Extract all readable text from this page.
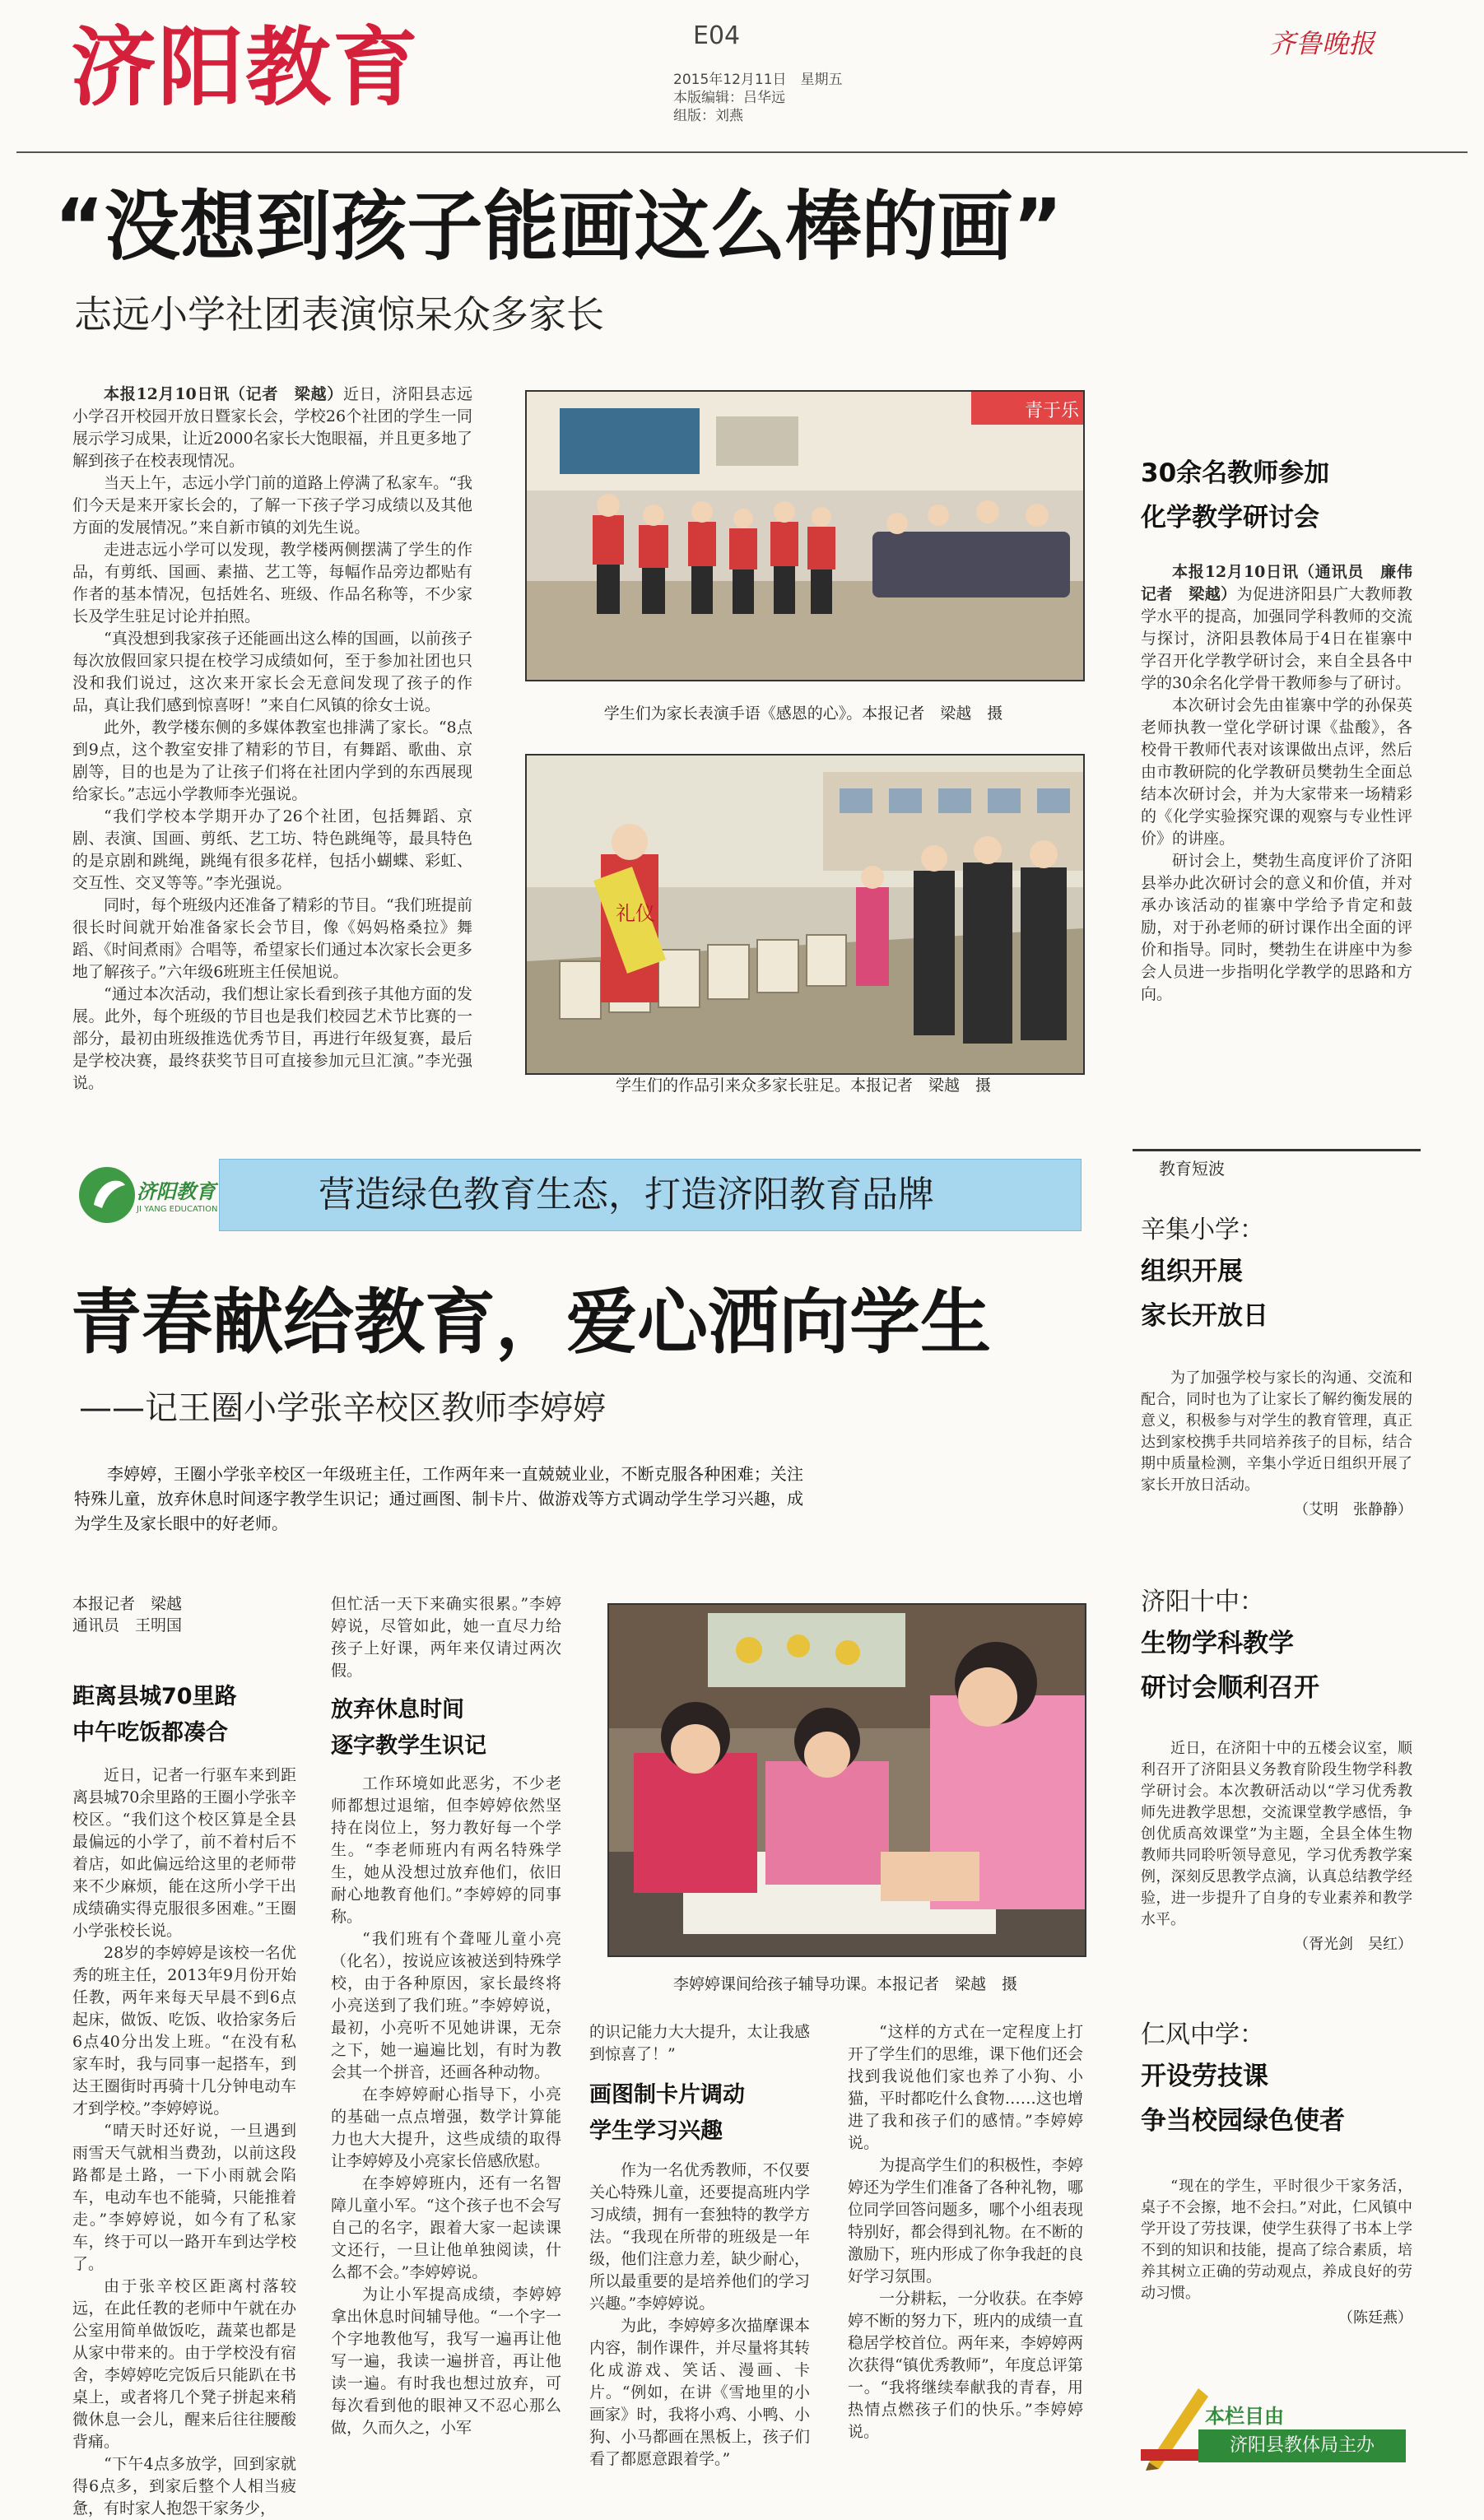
济阳教育	E04
2015年12月11日　星期五
本版编辑：吕华远
组版：刘燕
齐鲁晚报
“没想到孩子能画这么棒的画”
志远小学社团表演惊呆众多家长

本报12月10日讯（记者　梁越）近日，济阳县志远小学召开校园开放日暨家长会，学校26个社团的学生一同展示学习成果，让近2000名家长大饱眼福，并且更多地了解到孩子在校表现情况。

当天上午，志远小学门前的道路上停满了私家车。“我们今天是来开家长会的，了解一下孩子学习成绩以及其他方面的发展情况。”来自新市镇的刘先生说。

走进志远小学可以发现，教学楼两侧摆满了学生的作品，有剪纸、国画、素描、艺工等，每幅作品旁边都贴有作者的基本情况，包括姓名、班级、作品名称等，不少家长及学生驻足讨论并拍照。

“真没想到我家孩子还能画出这么棒的国画，以前孩子每次放假回家只提在校学习成绩如何，至于参加社团也只没和我们说过，这次来开家长会无意间发现了孩子的作品，真让我们感到惊喜呀！”来自仁风镇的徐女士说。

此外，教学楼东侧的多媒体教室也排满了家长。“8点到9点，这个教室安排了精彩的节目，有舞蹈、歌曲、京剧等，目的也是为了让孩子们将在社团内学到的东西展现给家长。”志远小学教师李光强说。

“我们学校本学期开办了26个社团，包括舞蹈、京剧、表演、国画、剪纸、艺工坊、特色跳绳等，最具特色的是京剧和跳绳，跳绳有很多花样，包括小蝴蝶、彩虹、交互性、交叉等等。”李光强说。

同时，每个班级内还准备了精彩的节目。“我们班提前很长时间就开始准备家长会节目，像《妈妈格桑拉》舞蹈、《时间煮雨》合唱等，希望家长们通过本次家长会更多地了解孩子。”六年级6班班主任侯旭说。

“通过本次活动，我们想让家长看到孩子其他方面的发展。此外，每个班级的节目也是我们校园艺术节比赛的一部分，最初由班级推选优秀节目，再进行年级复赛，最后是学校决赛，最终获奖节目可直接参加元旦汇演。”李光强说。

青于乐
学生们为家长表演手语《感恩的心》。本报记者　梁越　摄
礼仪
学生们的作品引来众多家长驻足。本报记者　梁越　摄
30余名教师参加
化学教学研讨会

本报12月10日讯（通讯员　廉伟　记者　梁越）为促进济阳县广大教师教学水平的提高，加强同学科教师的交流与探讨，济阳县教体局于4日在崔寨中学召开化学教学研讨会，来自全县各中学的30余名化学骨干教师参与了研讨。

本次研讨会先由崔寨中学的孙保英老师执教一堂化学研讨课《盐酸》，各校骨干教师代表对该课做出点评，然后由市教研院的化学教研员樊勃生全面总结本次研讨会，并为大家带来一场精彩的《化学实验探究课的观察与专业性评价》的讲座。

研讨会上，樊勃生高度评价了济阳县举办此次研讨会的意义和价值，并对承办该活动的崔寨中学给予肯定和鼓励，对于孙老师的研讨课作出全面的评价和指导。同时，樊勃生在讲座中为参会人员进一步指明化学教学的思路和方向。

教育短波
辛集小学：
组织开展
家长开放日

为了加强学校与家长的沟通、交流和配合，同时也为了让家长了解约衡发展的意义，积极参与对学生的教育管理，真正达到家校携手共同培养孩子的目标，结合期中质量检测，辛集小学近日组织开展了家长开放日活动。

（艾明　张静静）
济阳十中：
生物学科教学
研讨会顺利召开

近日，在济阳十中的五楼会议室，顺利召开了济阳县义务教育阶段生物学科教学研讨会。本次教研活动以“学习优秀教师先进教学思想，交流课堂教学感悟，争创优质高效课堂”为主题，全县全体生物教师共同聆听领导意见，学习优秀教学案例，深刻反思教学点滴，认真总结教学经验，进一步提升了自身的专业素养和教学水平。

（胥光剑　吴红）
仁风中学：
开设劳技课
争当校园绿色使者

“现在的学生，平时很少干家务活，桌子不会擦，地不会扫。”对此，仁风镇中学开设了劳技课，使学生获得了书本上学不到的知识和技能，提高了综合素质，培养其树立正确的劳动观点，养成良好的劳动习惯。

（陈廷燕）
本栏目由
济阳县教体局主办
济阳教育
JI YANG EDUCATION	营造绿色教育生态，打造济阳教育品牌
青春献给教育，爱心洒向学生
——记王圈小学张辛校区教师李婷婷

李婷婷，王圈小学张辛校区一年级班主任，工作两年来一直兢兢业业，不断克服各种困难；关注特殊儿童，放弃休息时间逐字教学生识记；通过画图、制卡片、做游戏等方式调动学生学习兴趣，成为学生及家长眼中的好老师。

本报记者　梁越
通讯员　王明国
距离县城70里路
中午吃饭都凑合

近日，记者一行驱车来到距离县城70余里路的王圈小学张辛校区。“我们这个校区算是全县最偏远的小学了，前不着村后不着店，如此偏远给这里的老师带来不少麻烦，能在这所小学干出成绩确实得克服很多困难。”王圈小学张校长说。

28岁的李婷婷是该校一名优秀的班主任，2013年9月份开始任教，两年来每天早晨不到6点起床，做饭、吃饭、收拾家务后6点40分出发上班。“在没有私家车时，我与同事一起搭车，到达王圈街时再骑十几分钟电动车才到学校。”李婷婷说。

“晴天时还好说，一旦遇到雨雪天气就相当费劲，以前这段路都是土路，一下小雨就会陷车，电动车也不能骑，只能推着走。”李婷婷说，如今有了私家车，终于可以一路开车到达学校了。

由于张辛校区距离村落较远，在此任教的老师中午就在办公室用简单做饭吃，蔬菜也都是从家中带来的。由于学校没有宿舍，李婷婷吃完饭后只能趴在书桌上，或者将几个凳子拼起来稍微休息一会儿，醒来后往往腰酸背痛。

“下午4点多放学，回到家就得6点多，到家后整个人相当疲惫，有时家人抱怨干家务少，

但忙活一天下来确实很累。”李婷婷说，尽管如此，她一直尽力给孩子上好课，两年来仅请过两次假。

放弃休息时间
逐字教学生识记

工作环境如此恶劣，不少老师都想过退缩，但李婷婷依然坚持在岗位上，努力教好每一个学生。“李老师班内有两名特殊学生，她从没想过放弃他们，依旧耐心地教育他们。”李婷婷的同事称。

“我们班有个聋哑儿童小亮（化名），按说应该被送到特殊学校，由于各种原因，家长最终将小亮送到了我们班。”李婷婷说，最初，小亮听不见她讲课，无奈之下，她一遍遍比划，有时为教会其一个拼音，还画各种动物。

在李婷婷耐心指导下，小亮的基础一点点增强，数学计算能力也大大提升，这些成绩的取得让李婷婷及小亮家长倍感欣慰。

在李婷婷班内，还有一名智障儿童小军。“这个孩子也不会写自己的名字，跟着大家一起读课文还行，一旦让他单独阅读，什么都不会。”李婷婷说。

为让小军提高成绩，李婷婷拿出休息时间辅导他。“一个字一个字地教他写，我写一遍再让他写一遍，我读一遍拼音，再让他读一遍。有时我也想过放弃，可每次看到他的眼神又不忍心那么做，久而久之，小军

李婷婷课间给孩子辅导功课。本报记者　梁越　摄

的识记能力大大提升，太让我感到惊喜了！”

画图制卡片调动
学生学习兴趣

作为一名优秀教师，不仅要关心特殊儿童，还要提高班内学习成绩，拥有一套独特的教学方法。“我现在所带的班级是一年级，他们注意力差，缺少耐心，所以最重要的是培养他们的学习兴趣。”李婷婷说。

为此，李婷婷多次描摩课本内容，制作课件，并尽量将其转化成游戏、笑话、漫画、卡片。“例如，在讲《雪地里的小画家》时，我将小鸡、小鸭、小狗、小马都画在黑板上，孩子们看了都愿意跟着学。”

“这样的方式在一定程度上打开了学生们的思维，课下他们还会找到我说他们家也养了小狗、小猫，平时都吃什么食物……这也增进了我和孩子们的感情。”李婷婷说。

为提高学生们的积极性，李婷婷还为学生们准备了各种礼物，哪位同学回答问题多，哪个小组表现特别好，都会得到礼物。在不断的激励下，班内形成了你争我赶的良好学习氛围。

一分耕耘，一分收获。在李婷婷不断的努力下，班内的成绩一直稳居学校首位。两年来，李婷婷两次获得“镇优秀教师”，年度总评第一。“我将继续奉献我的青春，用热情点燃孩子们的快乐。”李婷婷说。
